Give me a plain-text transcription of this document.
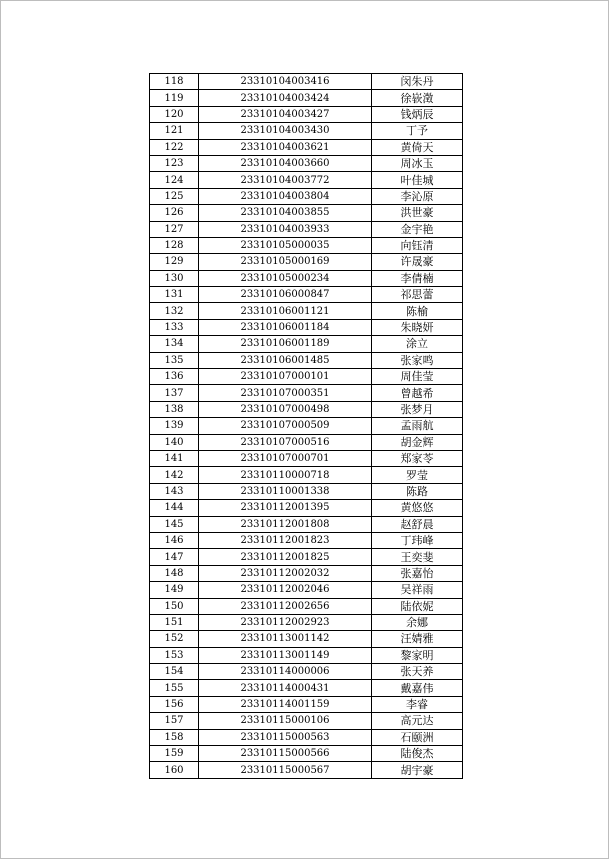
118	23310104003416	闵朱丹
119	23310104003424	徐嵚澂
120	23310104003427	钱炳辰
121	23310104003430	丁予
122	23310104003621	黄倚天
123	23310104003660	周冰玉
124	23310104003772	叶佳城
125	23310104003804	李沁原
126	23310104003855	洪世豪
127	23310104003933	金宇艳
128	23310105000035	向钰清
129	23310105000169	许晟豪
130	23310105000234	李倩楠
131	23310106000847	祁思蕾
132	23310106001121	陈榆
133	23310106001184	朱晓妍
134	23310106001189	涂立
135	23310106001485	张家鸣
136	23310107000101	周佳莹
137	23310107000351	曾越希
138	23310107000498	张梦月
139	23310107000509	孟雨航
140	23310107000516	胡金辉
141	23310107000701	郑家苓
142	23310110000718	罗莹
143	23310110001338	陈路
144	23310112001395	黄悠悠
145	23310112001808	赵舒晨
146	23310112001823	丁玮峰
147	23310112001825	王奕斐
148	23310112002032	张嘉怡
149	23310112002046	吴祥雨
150	23310112002656	陆依妮
151	23310112002923	余娜
152	23310113001142	汪婧雅
153	23310113001149	黎家明
154	23310114000006	张天养
155	23310114000431	戴嘉伟
156	23310114001159	李睿
157	23310115000106	高元达
158	23310115000563	石颐洲
159	23310115000566	陆俊杰
160	23310115000567	胡宇豪
